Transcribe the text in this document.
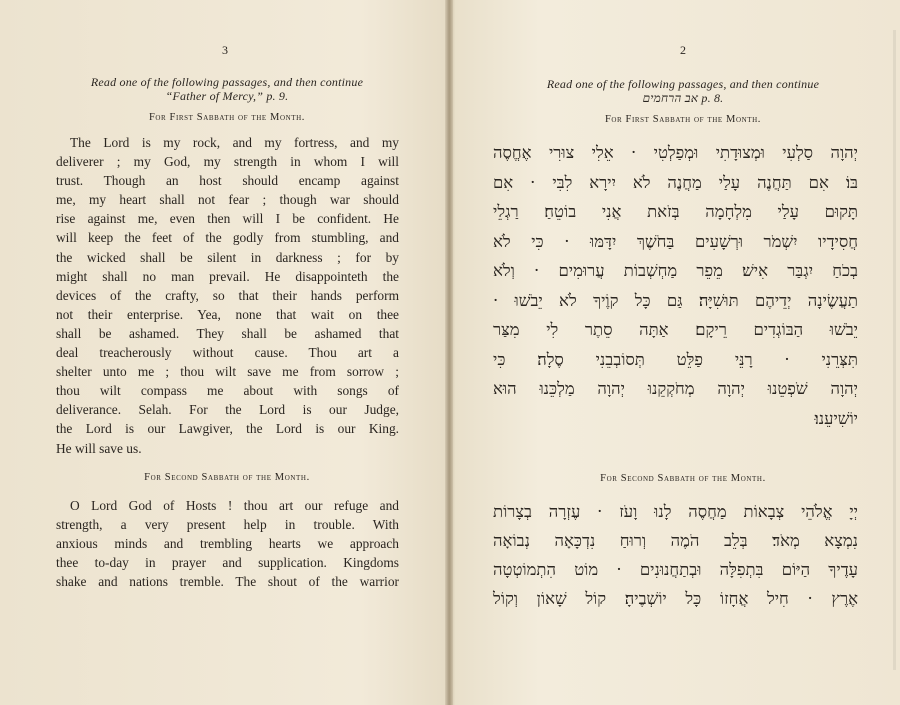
3
Read one of the following passages, and then continue
“Father of Mercy,” p. 9.
For First Sabbath of the Month.
The Lord is my rock, and my fortress, and my
deliverer ; my God, my strength in whom I will
trust. Though an host should encamp against
me, my heart shall not fear ; though war should
rise against me, even then will I be confident. He
will keep the feet of the godly from stumbling, and
the wicked shall be silent in darkness ; for by
might shall no man prevail. He disappointeth the
devices of the crafty, so that their hands perform
not their enterprise. Yea, none that wait on thee
shall be ashamed. They shall be ashamed that
deal treacherously without cause. Thou art a
shelter unto me ; thou wilt save me from sorrow ;
thou wilt compass me about with songs of
deliverance. Selah. For the Lord is our Judge,
the Lord is our Lawgiver, the Lord is our King.
He will save us.
For Second Sabbath of the Month.
O Lord God of Hosts ! thou art our refuge and
strength, a very present help in trouble. With
anxious minds and trembling hearts we approach
thee to-day in prayer and supplication. Kingdoms
shake and nations tremble. The shout of the warrior
2
Read one of the following passages, and then continue
אב הרחמים p. 8.
For First Sabbath of the Month.
יְהוָה סַלְעִי וּמְצוּדָתִי וּמְפַלְטִי · אֵלִי צוּרִי אֶחֱסֶה
בּוֹ׃ אִם תַּחֲנֶה עָלַי מַחֲנֶה לֹא יִירָא לִבִּי · אִם
תָּקוּם עָלַי מִלְחָמָה בְּזֹאת אֲנִי בוֹטֵחַ׃ רַגְלֵי
חֲסִידָיו יִשְׁמֹר וּרְשָׁעִים בַּחֹשֶׁךְ יִדָּמּוּ · כִּי לֹא
בְכֹחַ יִגְבַּר אִישׁ׃ מֵפֵר מַחְשְׁבוֹת עֲרוּמִים · וְלֹא
תַעֲשֶׂינָה יְדֵיהֶם תּוּשִׁיָּה׃ גַּם כָּל קוֶֹיךָ לֹא יֵבֹשׁוּ ·
יֵבֹשׁוּ הַבּוֹגְדִים רֵיקָם׃ אַתָּה סֵתֶר לִי מִצַּר
תִּצְּרֵנִי · רָנֵּי פַלֵּט תְּסוֹבְבֵנִי סֶלָה׃ כִּי
יְהוָה שֹׁפְטֵנוּ יְהוָה מְחֹקְקֵנוּ יְהוָה מַלְכֵּנוּ הוּא
יוֹשִׁיעֵנוּ׃
For Second Sabbath of the Month.
יְיָ אֱלֹהֵי צְבָאוֹת מַחֲסֶה לָנוּ וָעֹז · עֶזְרָה בְצָרוֹת
נִמְצָא מְאֹד׃ בְּלֵב הֹמֶה וְרוּחַ נִדְכָּאָה נְבוֹאָה
עָדֶיךָ הַיּוֹם בִּתְפִלָּה וּבְתַחֲנוּנִים · מוֹט הִתְמוֹטְטָה
אֶרֶץ · חִיל אֲחָזוֹ כָּל יוֹשְׁבֶיהָ׃ קוֹל שָׁאוֹן וְקוֹל
